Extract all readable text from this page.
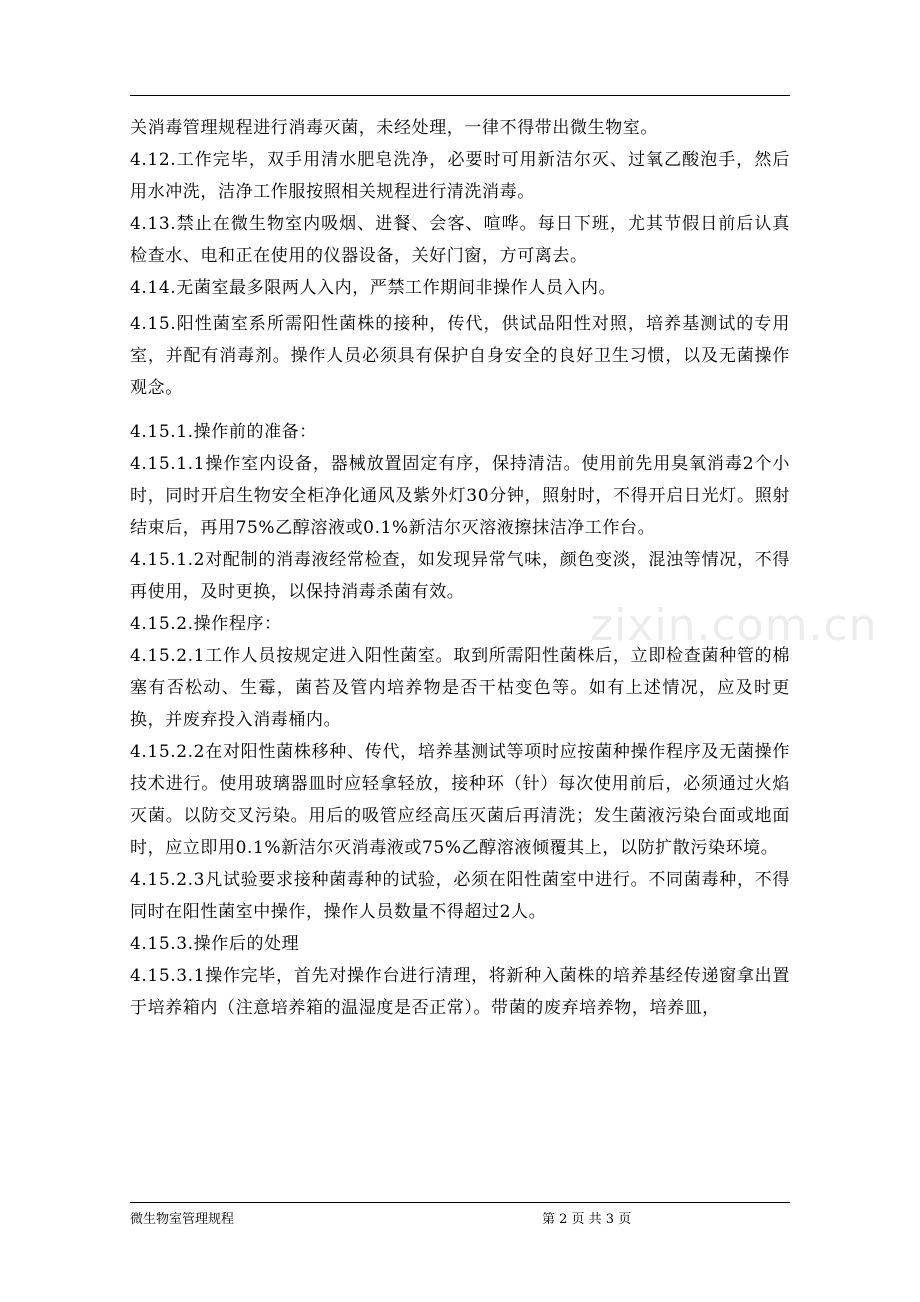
关消毒管理规程进行消毒灭菌，未经处理，一律不得带出微生物室。

4.12.工作完毕，双手用清水肥皂洗净，必要时可用新洁尔灭、过氧乙酸泡手，然后用水冲洗，洁净工作服按照相关规程进行清洗消毒。

4.13.禁止在微生物室内吸烟、进餐、会客、喧哗。每日下班，尤其节假日前后认真检查水、电和正在使用的仪器设备，关好门窗，方可离去。

4.14.无菌室最多限两人入内，严禁工作期间非操作人员入内。

4.15.阳性菌室系所需阳性菌株的接种，传代，供试品阳性对照，培养基测试的专用室，并配有消毒剂。操作人员必须具有保护自身安全的良好卫生习惯，以及无菌操作观念。

4.15.1.操作前的准备：

4.15.1.1操作室内设备，器械放置固定有序，保持清洁。使用前先用臭氧消毒2个小时，同时开启生物安全柜净化通风及紫外灯30分钟，照射时，不得开启日光灯。照射结束后，再用75%乙醇溶液或0.1%新洁尔灭溶液擦抹洁净工作台。

4.15.1.2对配制的消毒液经常检查，如发现异常气味，颜色变淡，混浊等情况，不得再使用，及时更换，以保持消毒杀菌有效。

4.15.2.操作程序：

4.15.2.1工作人员按规定进入阳性菌室。取到所需阳性菌株后，立即检查菌种管的棉塞有否松动、生霉，菌苔及管内培养物是否干枯变色等。如有上述情况，应及时更换，并废弃投入消毒桶内。

4.15.2.2在对阳性菌株移种、传代，培养基测试等项时应按菌种操作程序及无菌操作技术进行。使用玻璃器皿时应轻拿轻放，接种环（针）每次使用前后，必须通过火焰灭菌。以防交叉污染。用后的吸管应经高压灭菌后再清洗；发生菌液污染台面或地面时，应立即用0.1%新洁尔灭消毒液或75%乙醇溶液倾覆其上，以防扩散污染环境。

4.15.2.3凡试验要求接种菌毒种的试验，必须在阳性菌室中进行。不同菌毒种，不得同时在阳性菌室中操作，操作人员数量不得超过2人。

4.15.3.操作后的处理

4.15.3.1操作完毕，首先对操作台进行清理，将新种入菌株的培养基经传递窗拿出置于培养箱内（注意培养箱的温湿度是否正常）。带菌的废弃培养物，培养皿，

zixin.com.cn
微生物室管理规程	第 2 页 共 3 页
